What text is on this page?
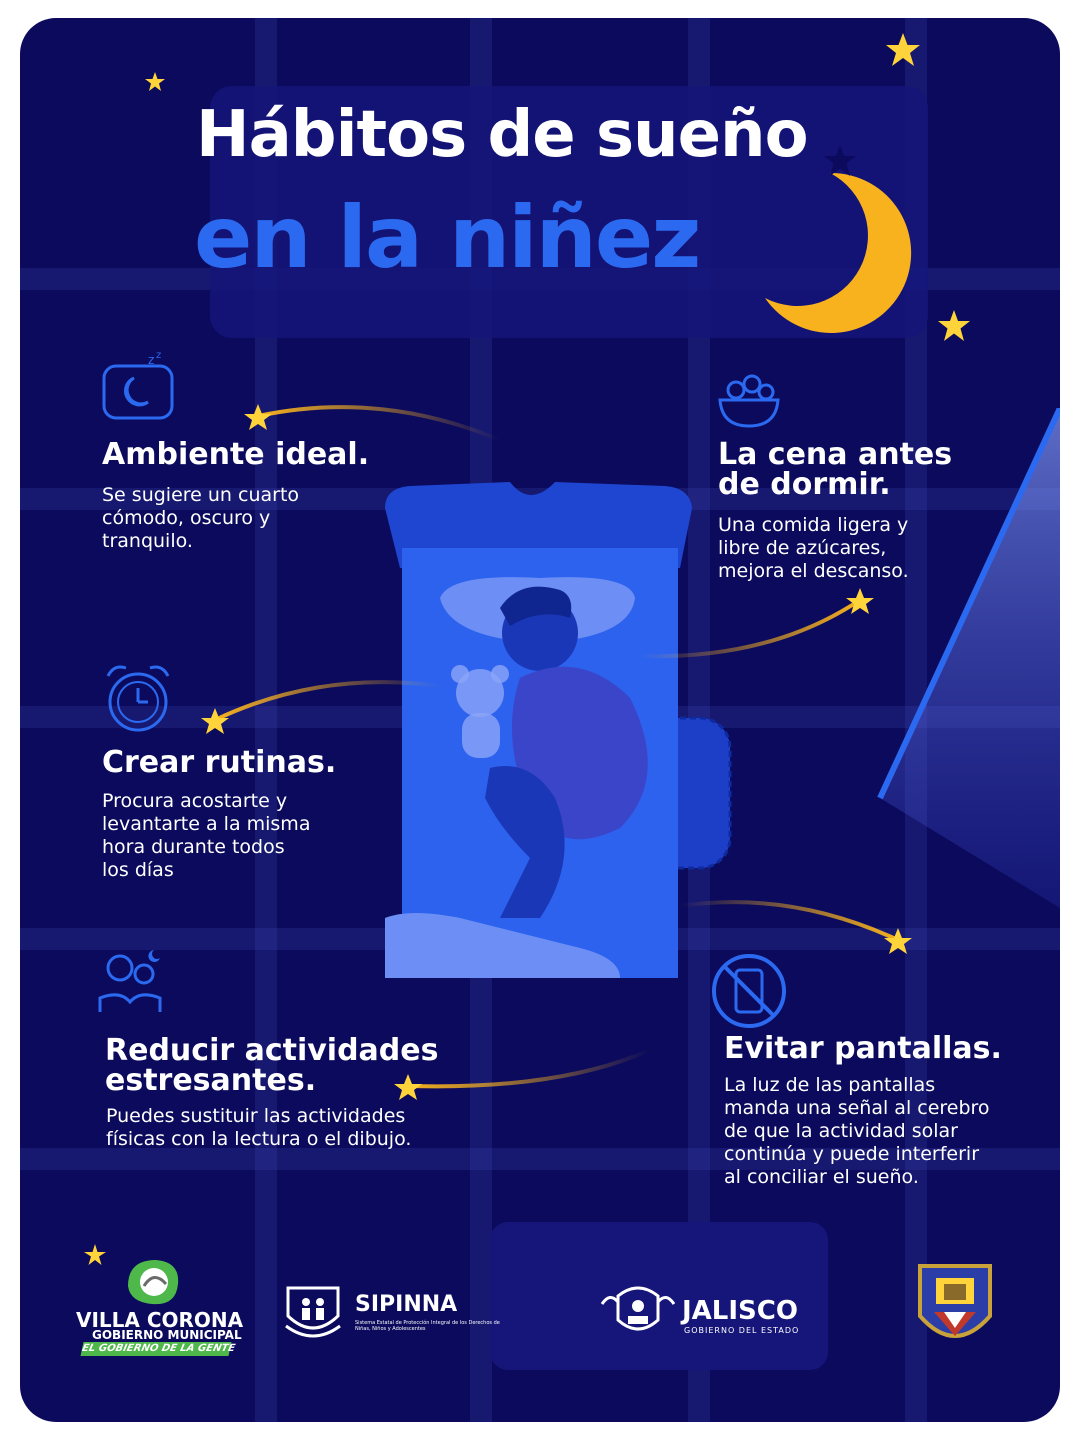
Hábitos de sueño
en la niñez
z z
Ambiente ideal.
Se sugiere un cuarto
cómodo, oscuro y
tranquilo.
La cena antes
de dormir.
Una comida ligera y
libre de azúcares,
mejora el descanso.
Crear rutinas.
Procura acostarte y
levantarte a la misma
hora durante todos
los días
Reducir actividades
estresantes.
Puedes sustituir las actividades
físicas con la lectura o el dibujo.
Evitar pantallas.
La luz de las pantallas
manda una señal al cerebro
de que la actividad solar
continúa y puede interferir
al conciliar el sueño.
VILLA CORONA
GOBIERNO MUNICIPAL
EL GOBIERNO DE LA GENTE
SIPINNA
Sistema Estatal de Protección Integral de los Derechos de Niñas, Niños y Adolescentes
JALISCO
GOBIERNO DEL ESTADO
